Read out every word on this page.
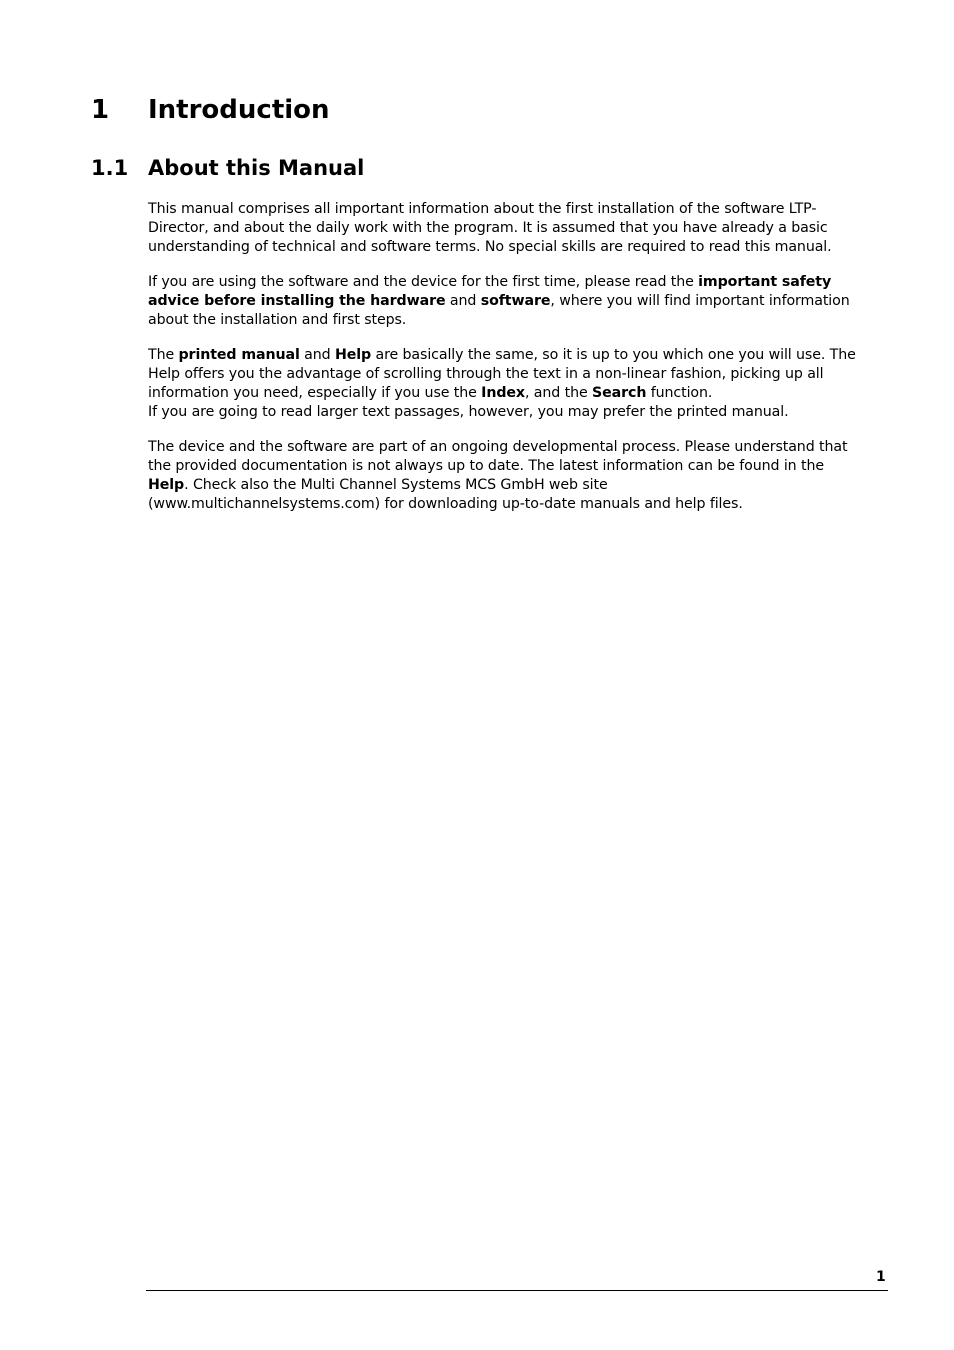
1 Introduction
1.1 About this Manual

This manual comprises all important information about the first installation of the software LTP-Director, and about the daily work with the program. It is assumed that you have already a basic understanding of technical and software terms. No special skills are required to read this manual.

If you are using the software and the device for the first time, please read the important safety advice before installing the hardware and software, where you will find important information about the installation and first steps.

The printed manual and Help are basically the same, so it is up to you which one you will use. The Help offers you the advantage of scrolling through the text in a non-linear fashion, picking up all information you need, especially if you use the Index, and the Search function.
If you are going to read larger text passages, however, you may prefer the printed manual.

The device and the software are part of an ongoing developmental process. Please understand that the provided documentation is not always up to date. The latest information can be found in the Help. Check also the Multi Channel Systems MCS GmbH web site
(www.multichannelsystems.com) for downloading up-to-date manuals and help files.

1
